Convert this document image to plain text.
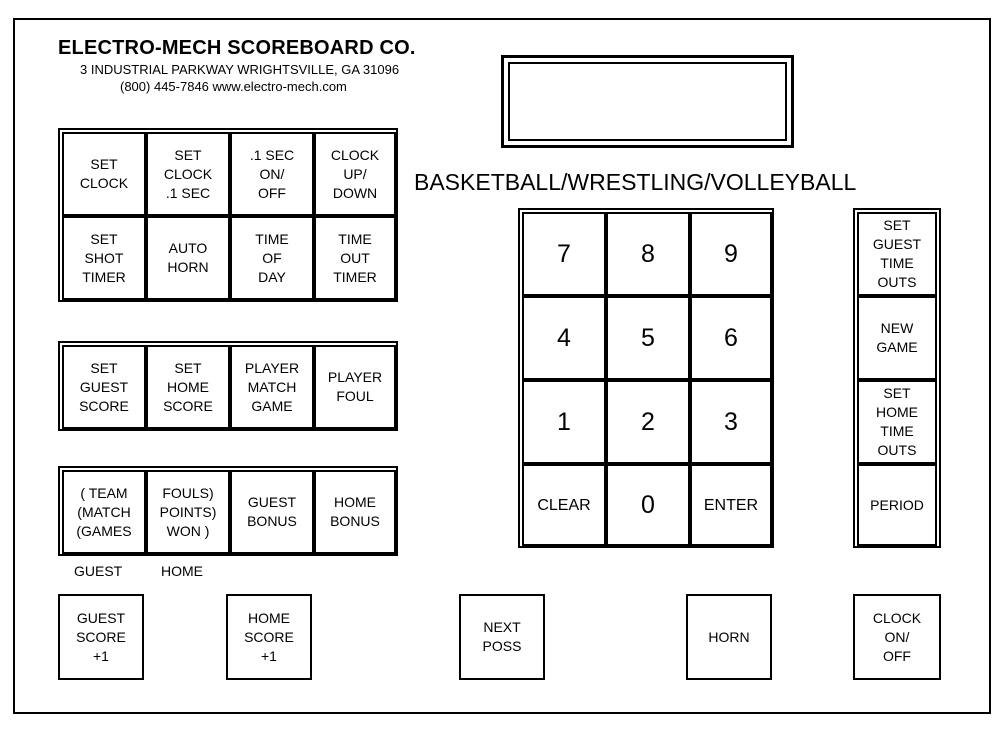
ELECTRO-MECH SCOREBOARD CO.
3 INDUSTRIAL PARKWAY WRIGHTSVILLE, GA 31096
(800) 445-7846 www.electro-mech.com
BASKETBALL/WRESTLING/VOLLEYBALL
SET
CLOCK
SET
CLOCK
.1 SEC
.1 SEC
ON/
OFF
CLOCK
UP/
DOWN
SET
SHOT
TIMER
AUTO
HORN
TIME
OF
DAY
TIME
OUT
TIMER
SET
GUEST
SCORE
SET
HOME
SCORE
PLAYER
MATCH
GAME
PLAYER
FOUL
( TEAM
(MATCH
(GAMES
FOULS)
POINTS)
WON )
GUEST
BONUS
HOME
BONUS
GUEST	HOME
7	8	9
4	5	6
1	2	3
CLEAR	0	ENTER
SET
GUEST
TIME
OUTS
NEW
GAME
SET
HOME
TIME
OUTS
PERIOD
GUEST
SCORE
+1
HOME
SCORE
+1
NEXT
POSS
HORN
CLOCK
ON/
OFF
